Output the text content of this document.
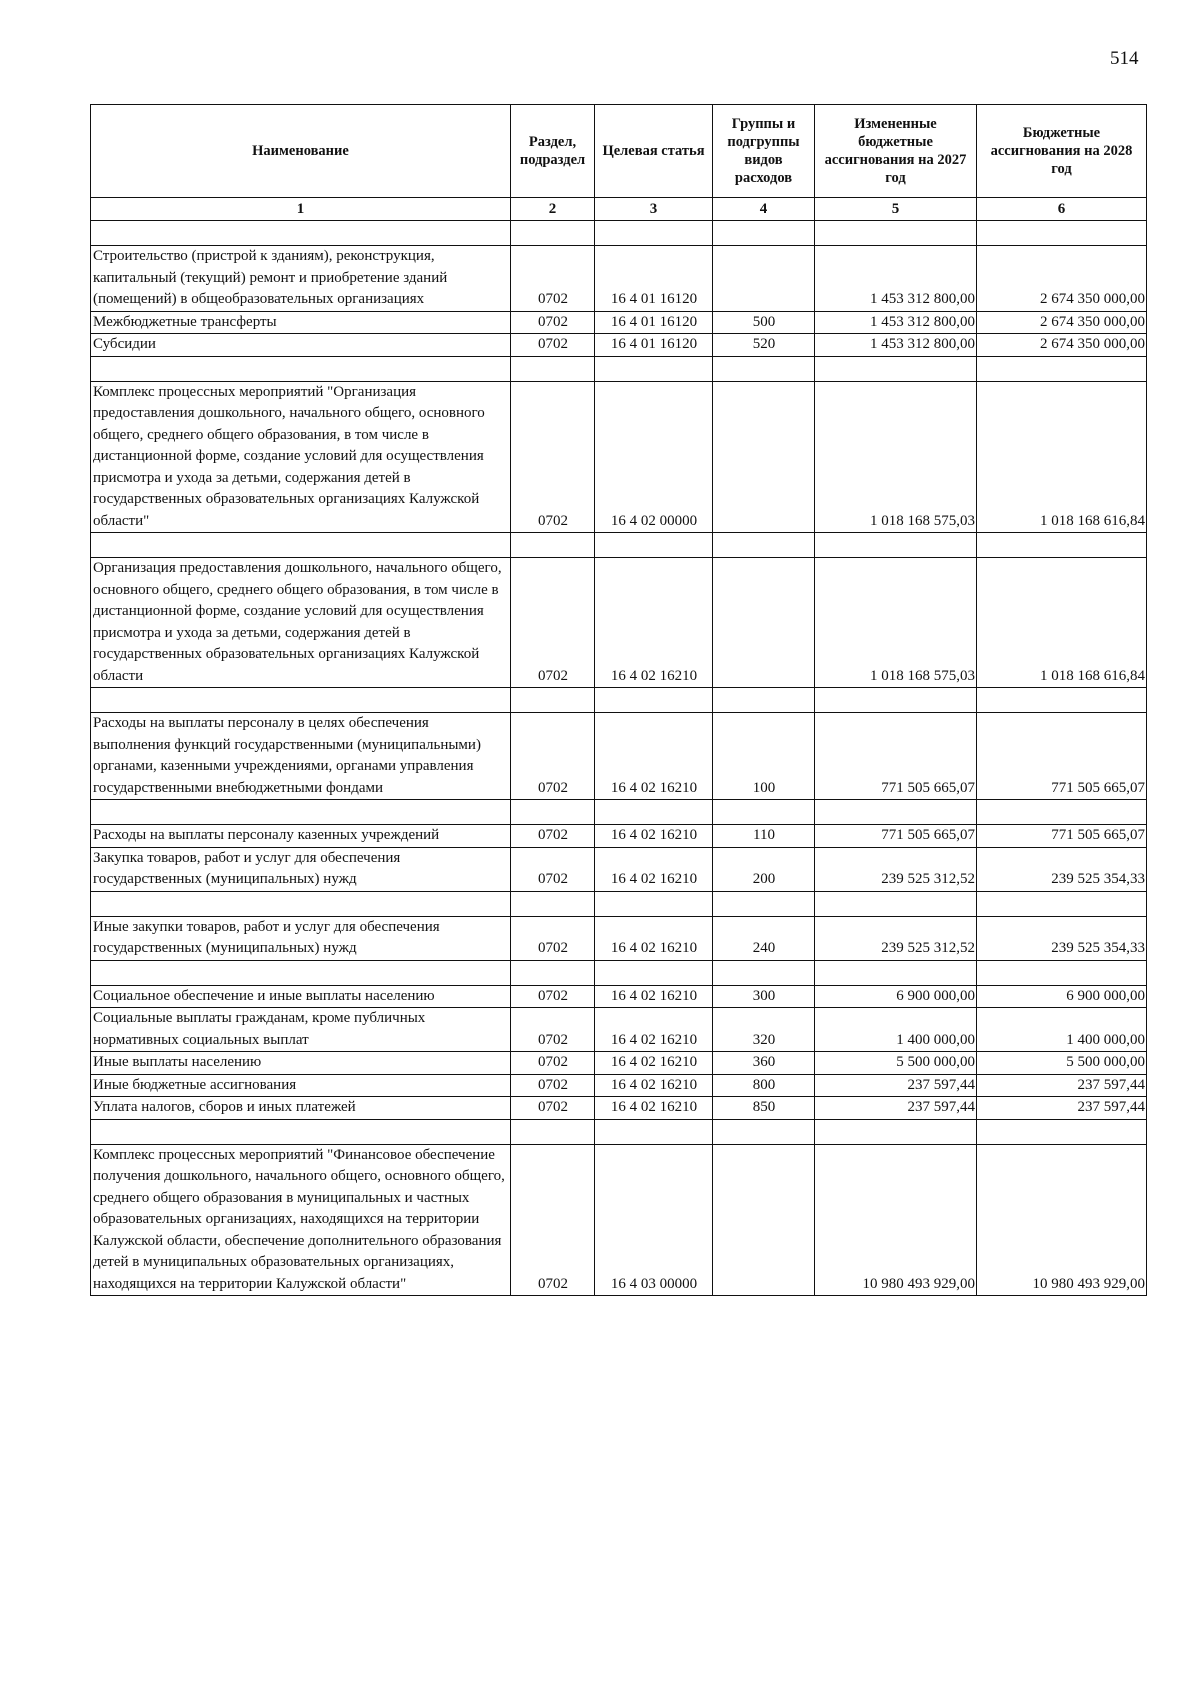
514
Наименование	Раздел, подраздел	Целевая статья	Группы и подгруппы видов расходов	Измененные бюджетные ассигнования на 2027 год	Бюджетные ассигнования на 2028 год
1	2	3	4	5	6

Строительство (пристрой к зданиям), реконструкция, капитальный (текущий) ремонт и приобретение зданий (помещений) в общеобразовательных организациях	0702	16 4 01 16120		1 453 312 800,00	2 674 350 000,00
Межбюджетные трансферты	0702	16 4 01 16120	500	1 453 312 800,00	2 674 350 000,00
Субсидии	0702	16 4 01 16120	520	1 453 312 800,00	2 674 350 000,00

Комплекс процессных мероприятий "Организация предоставления дошкольного, начального общего, основного общего, среднего общего образования, в том числе в дистанционной форме, создание условий для осуществления присмотра и ухода за детьми, содержания детей в государственных образовательных организациях Калужской области"	0702	16 4 02 00000		1 018 168 575,03	1 018 168 616,84

Организация предоставления дошкольного, начального общего, основного общего, среднего общего образования, в том числе в дистанционной форме, создание условий для осуществления присмотра и ухода за детьми, содержания детей в государственных образовательных организациях Калужской области	0702	16 4 02 16210		1 018 168 575,03	1 018 168 616,84

Расходы на выплаты персоналу в целях обеспечения выполнения функций государственными (муниципальными) органами, казенными учреждениями, органами управления государственными внебюджетными фондами	0702	16 4 02 16210	100	771 505 665,07	771 505 665,07

Расходы на выплаты персоналу казенных учреждений	0702	16 4 02 16210	110	771 505 665,07	771 505 665,07
Закупка товаров, работ и услуг для обеспечения государственных (муниципальных) нужд	0702	16 4 02 16210	200	239 525 312,52	239 525 354,33

Иные закупки товаров, работ и услуг для обеспечения государственных (муниципальных) нужд	0702	16 4 02 16210	240	239 525 312,52	239 525 354,33

Социальное обеспечение и иные выплаты населению	0702	16 4 02 16210	300	6 900 000,00	6 900 000,00
Социальные выплаты гражданам, кроме публичных нормативных социальных выплат	0702	16 4 02 16210	320	1 400 000,00	1 400 000,00
Иные выплаты населению	0702	16 4 02 16210	360	5 500 000,00	5 500 000,00
Иные бюджетные ассигнования	0702	16 4 02 16210	800	237 597,44	237 597,44
Уплата налогов, сборов и иных платежей	0702	16 4 02 16210	850	237 597,44	237 597,44

Комплекс процессных мероприятий "Финансовое обеспечение получения дошкольного, начального общего, основного общего, среднего общего образования в муниципальных и частных образовательных организациях, находящихся на территории Калужской области, обеспечение дополнительного образования детей в муниципальных образовательных организациях, находящихся на территории Калужской области"	0702	16 4 03 00000		10 980 493 929,00	10 980 493 929,00
